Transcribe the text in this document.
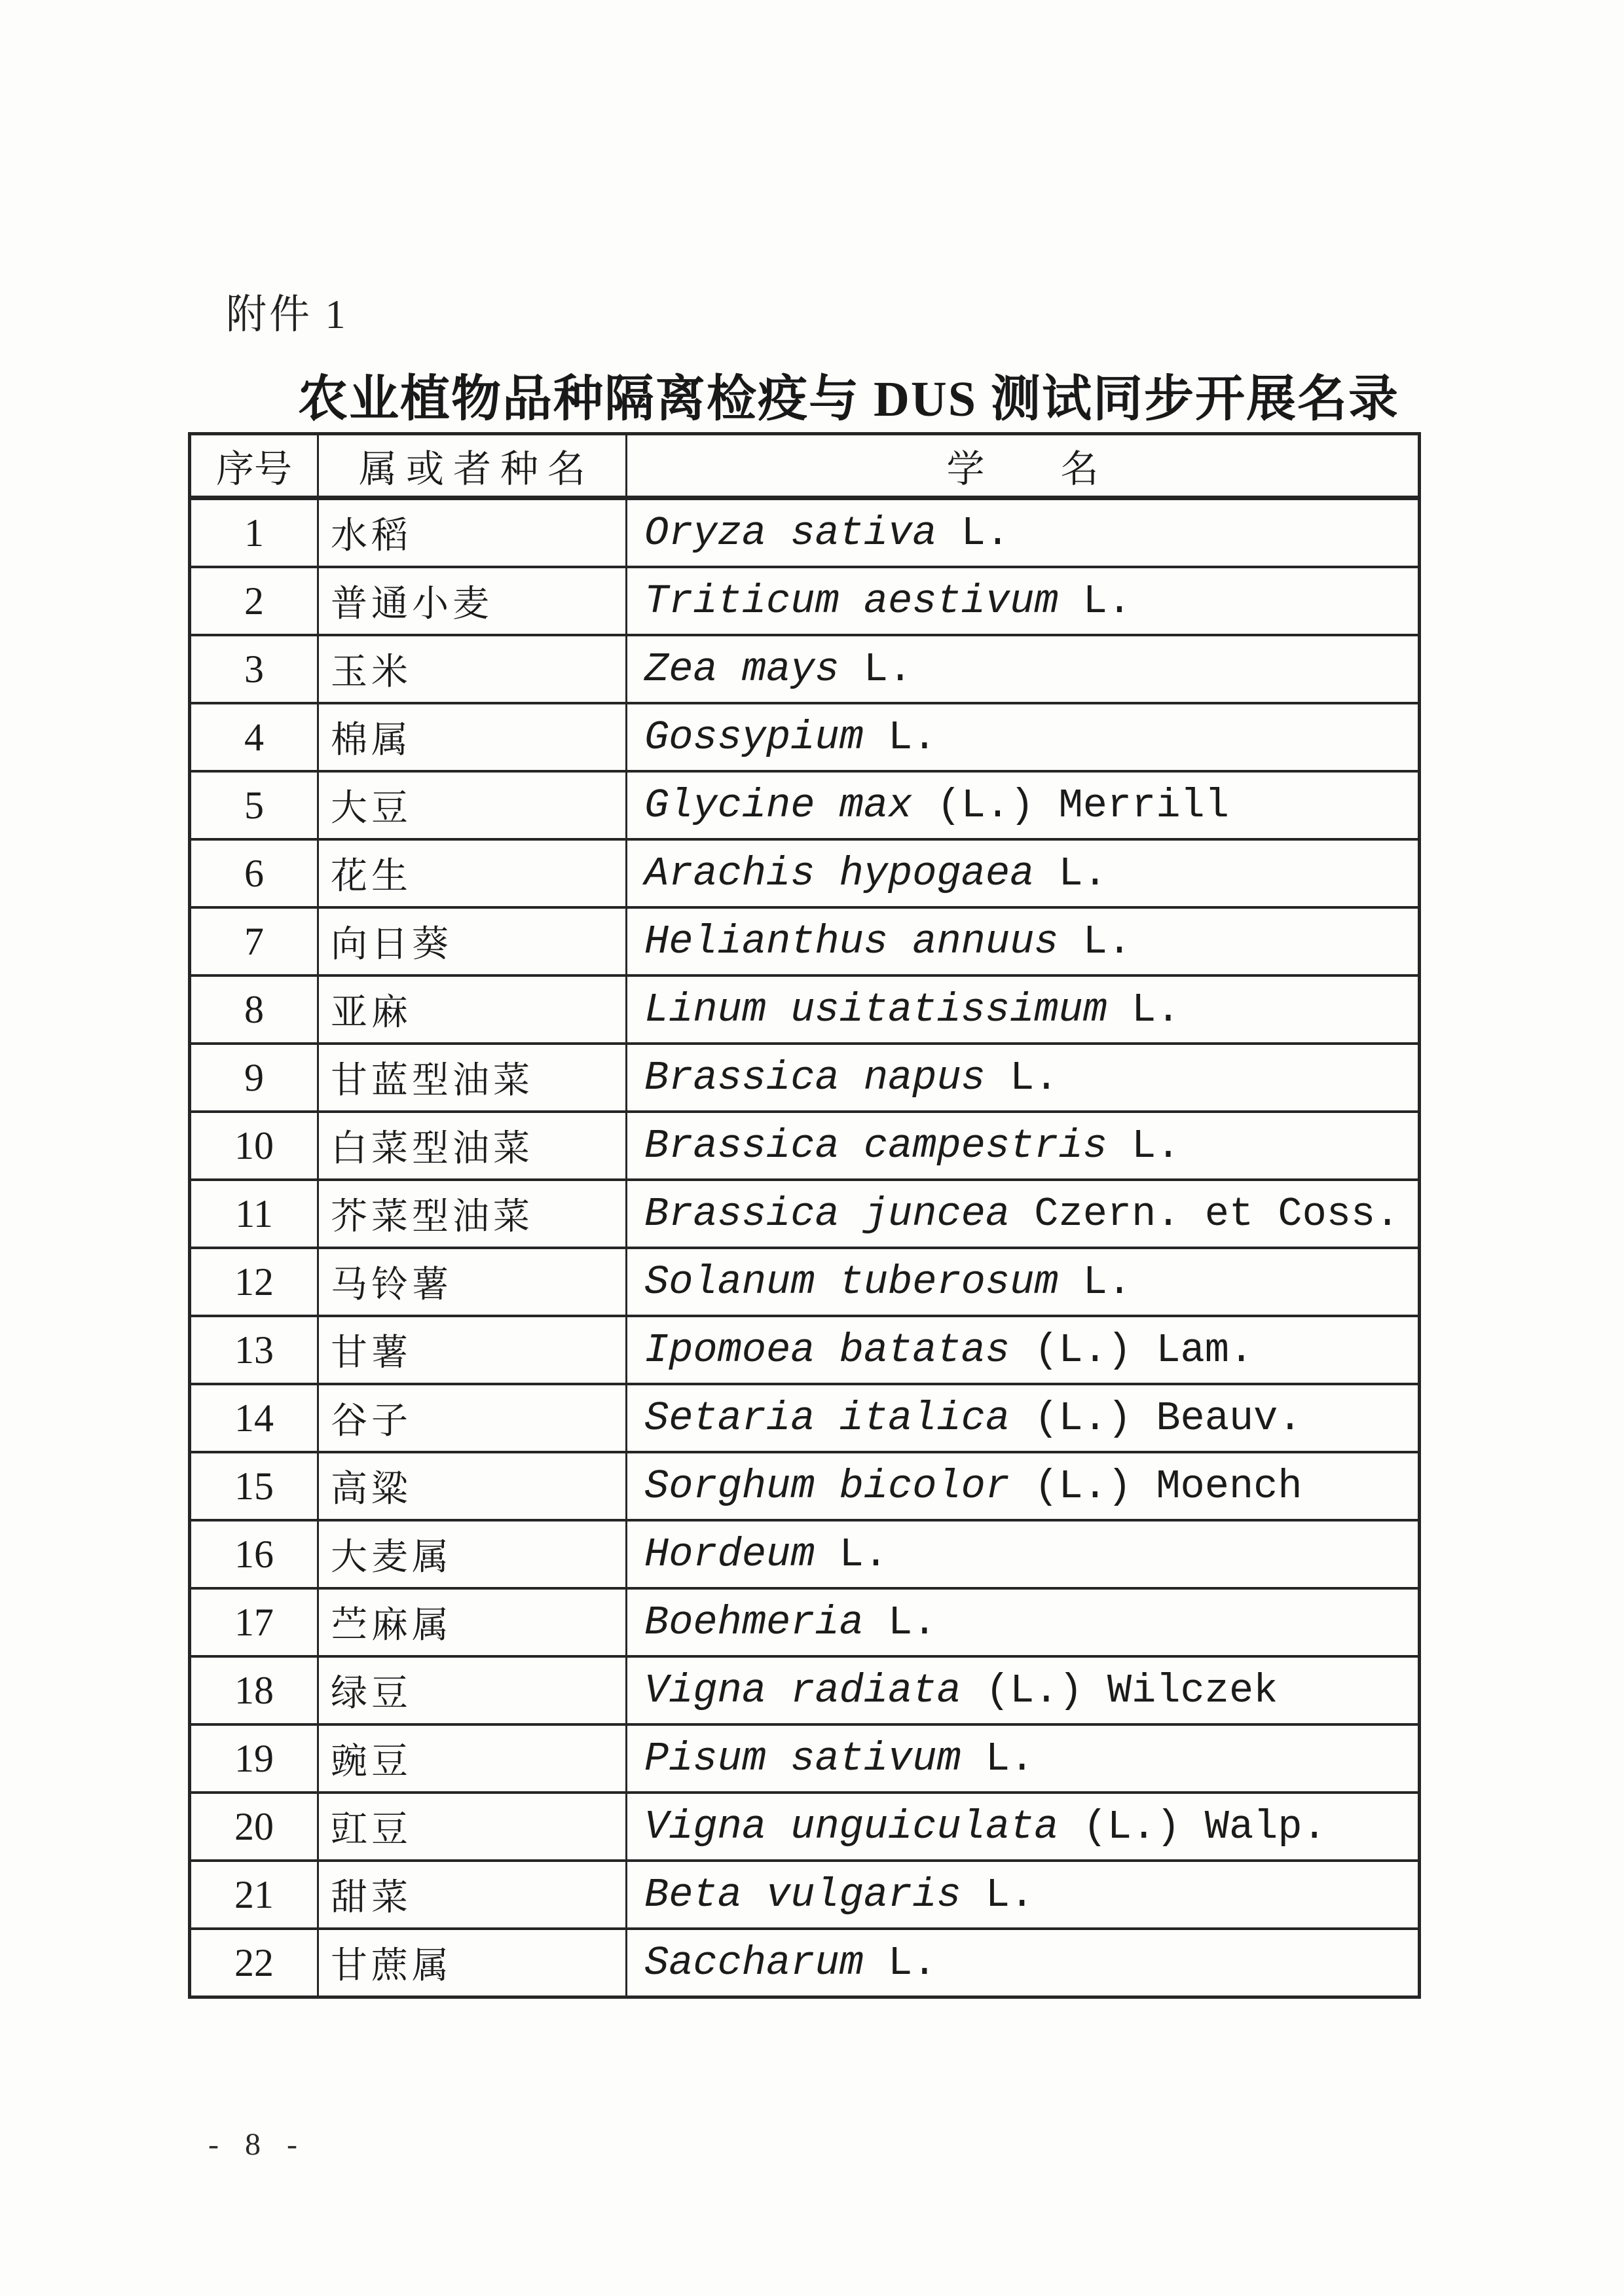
附件 1
农业植物品种隔离检疫与 DUS 测试同步开展名录
序号	属或者种名	学　　名
1	水稻	Oryza sativa L.
2	普通小麦	Triticum aestivum L.
3	玉米	Zea mays L.
4	棉属	Gossypium L.
5	大豆	Glycine max (L.) Merrill
6	花生	Arachis hypogaea L.
7	向日葵	Helianthus annuus L.
8	亚麻	Linum usitatissimum L.
9	甘蓝型油菜	Brassica napus L.
10	白菜型油菜	Brassica campestris L.
11	芥菜型油菜	Brassica juncea Czern. et Coss.
12	马铃薯	Solanum tuberosum L.
13	甘薯	Ipomoea batatas (L.) Lam.
14	谷子	Setaria italica (L.) Beauv.
15	高粱	Sorghum bicolor (L.) Moench
16	大麦属	Hordeum L.
17	苎麻属	Boehmeria L.
18	绿豆	Vigna radiata (L.) Wilczek
19	豌豆	Pisum sativum L.
20	豇豆	Vigna unguiculata (L.) Walp.
21	甜菜	Beta vulgaris L.
22	甘蔗属	Saccharum L.
- 8 -
